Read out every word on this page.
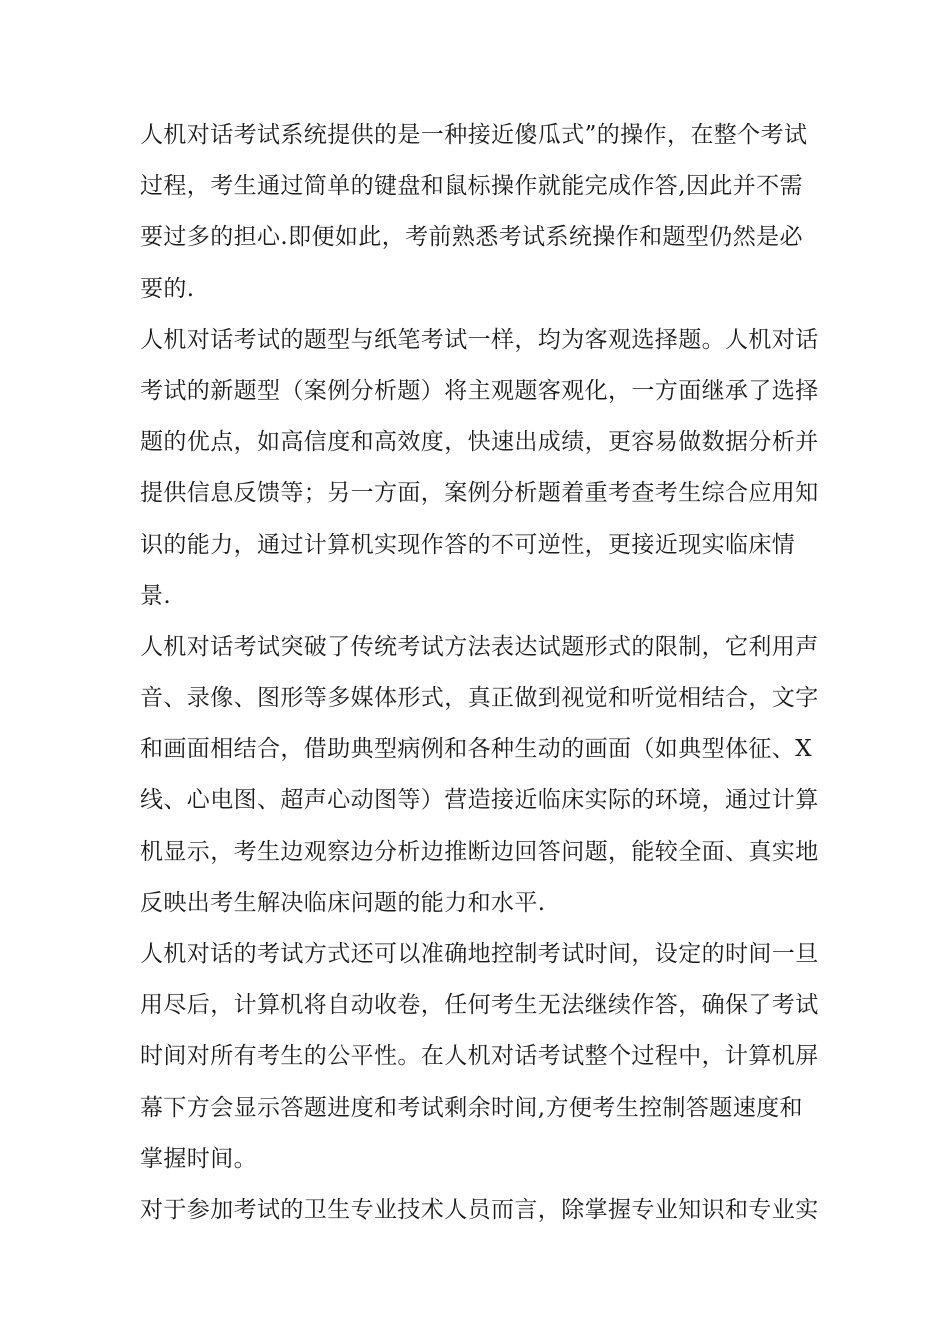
人机对话考试系统提供的是一种接近傻瓜式”的操作，在整个考试
过程，考生通过简单的键盘和鼠标操作就能完成作答,因此并不需
要过多的担心.即便如此，考前熟悉考试系统操作和题型仍然是必
要的.
人机对话考试的题型与纸笔考试一样，均为客观选择题。人机对话
考试的新题型（案例分析题）将主观题客观化，一方面继承了选择
题的优点，如高信度和高效度，快速出成绩，更容易做数据分析并
提供信息反馈等；另一方面，案例分析题着重考查考生综合应用知
识的能力，通过计算机实现作答的不可逆性，更接近现实临床情
景.
人机对话考试突破了传统考试方法表达试题形式的限制，它利用声
音、录像、图形等多媒体形式，真正做到视觉和听觉相结合，文字
和画面相结合，借助典型病例和各种生动的画面（如典型体征、X
线、心电图、超声心动图等）营造接近临床实际的环境，通过计算
机显示，考生边观察边分析边推断边回答问题，能较全面、真实地
反映出考生解决临床问题的能力和水平.
人机对话的考试方式还可以准确地控制考试时间，设定的时间一旦
用尽后，计算机将自动收卷，任何考生无法继续作答，确保了考试
时间对所有考生的公平性。在人机对话考试整个过程中，计算机屏
幕下方会显示答题进度和考试剩余时间,方便考生控制答题速度和
掌握时间。
对于参加考试的卫生专业技术人员而言，除掌握专业知识和专业实
